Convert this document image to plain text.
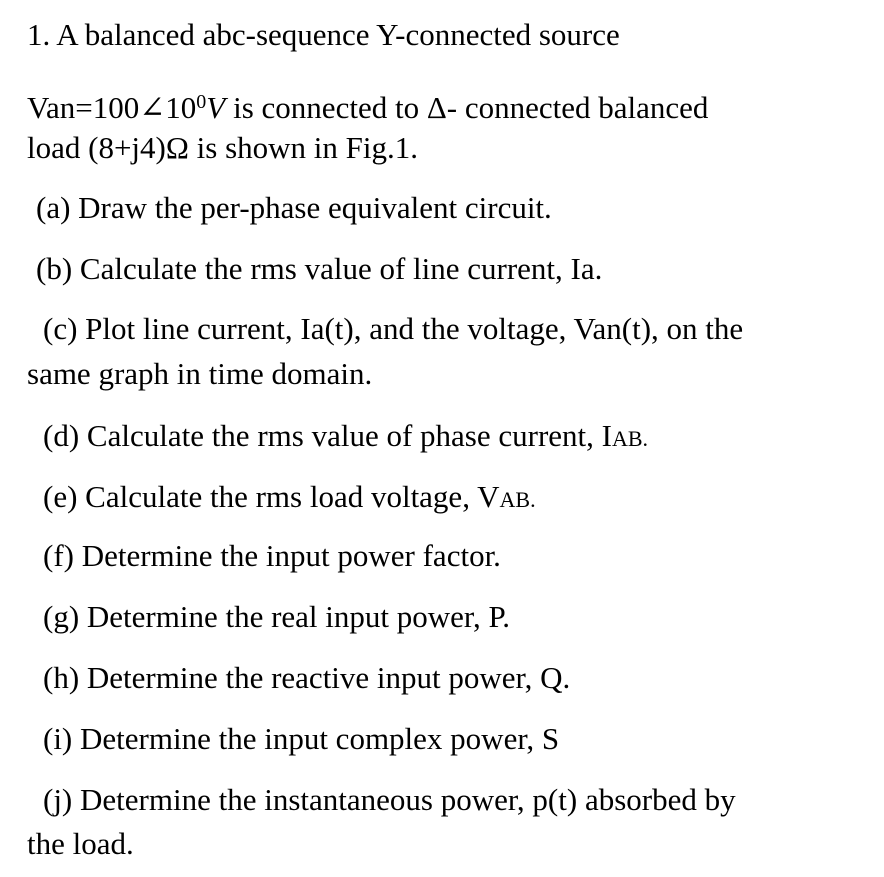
1. A balanced abc-sequence Y-connected source
$Van=100\angle 10^0V$ is connected to Δ- connected balanced
load (8+j4)Ω is shown in Fig.1.
(a) Draw the per-phase equivalent circuit.
(b) Calculate the rms value of line current, Ia.
(c) Plot line current, Ia(t), and the voltage, Van(t), on the
same graph in time domain.
(d) Calculate the rms value of phase current, IAB.
(e) Calculate the rms load voltage, VAB.
(f) Determine the input power factor.
(g) Determine the real input power, P.
(h) Determine the reactive input power, Q.
(i) Determine the input complex power, S
(j) Determine the instantaneous power, p(t) absorbed by
the load.
